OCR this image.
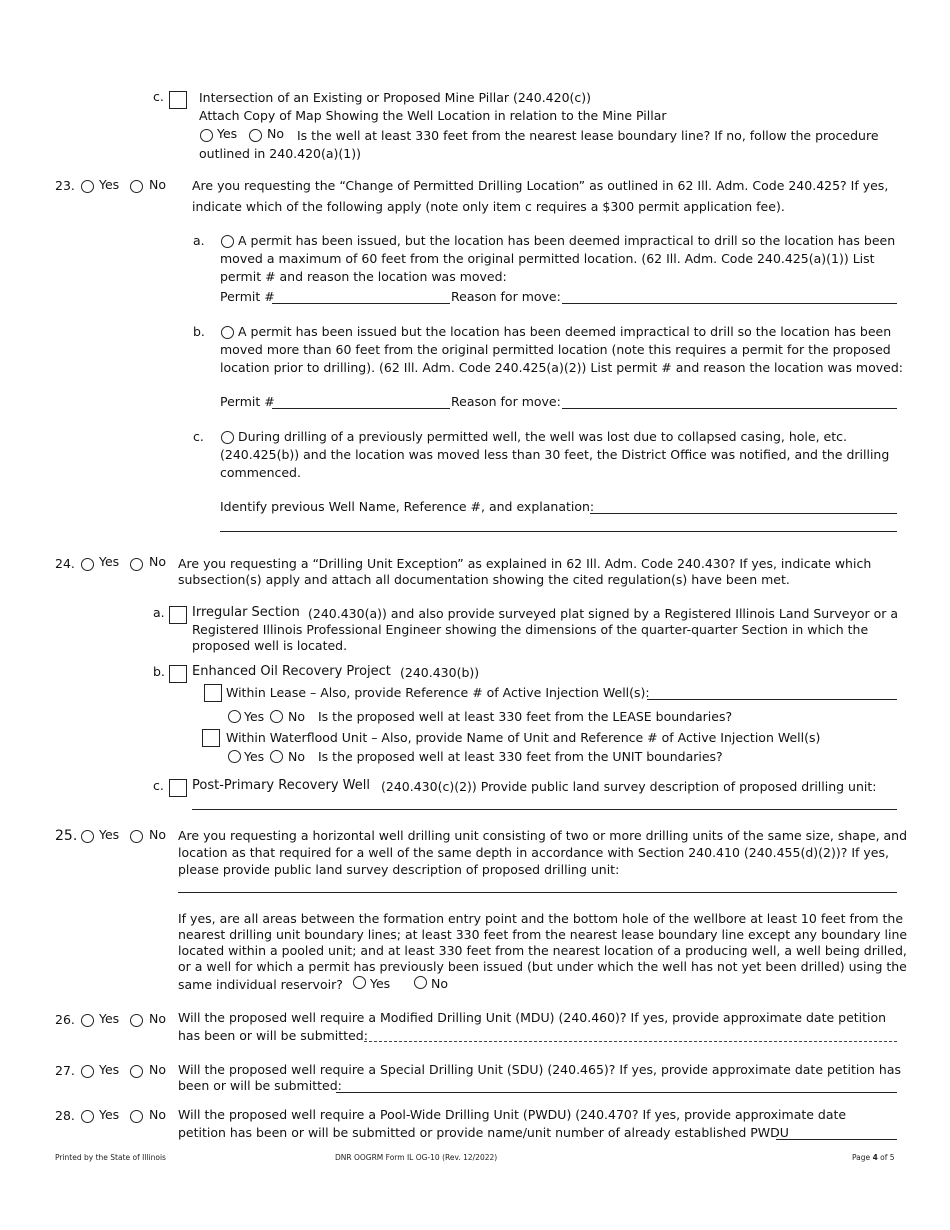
c.	Intersection of an Existing or Proposed Mine Pillar (240.420(c))
Attach Copy of Map Showing the Well Location in relation to the Mine Pillar
Yes No Is the well at least 330 feet from the nearest lease boundary line? If no, follow the procedure
outlined in 240.420(a)(1))
23. Yes No Are you requesting the “Change of Permitted Drilling Location” as outlined in 62 Ill. Adm. Code 240.425? If yes,
indicate which of the following apply (note only item c requires a $300 permit application fee).
a.	A permit has been issued, but the location has been deemed impractical to drill so the location has been
moved a maximum of 60 feet from the original permitted location. (62 Ill. Adm. Code 240.425(a)(1)) List
permit # and reason the location was moved:
Permit #	Reason for move:
b.	A permit has been issued but the location has been deemed impractical to drill so the location has been
moved more than 60 feet from the original permitted location (note this requires a permit for the proposed
location prior to drilling). (62 Ill. Adm. Code 240.425(a)(2)) List permit # and reason the location was moved:
Permit #	Reason for move:
c.	During drilling of a previously permitted well, the well was lost due to collapsed casing, hole, etc.
(240.425(b)) and the location was moved less than 30 feet, the District Office was notified, and the drilling
commenced.
Identify previous Well Name, Reference #, and explanation:
24. Yes No Are you requesting a “Drilling Unit Exception” as explained in 62 Ill. Adm. Code 240.430? If yes, indicate which
subsection(s) apply and attach all documentation showing the cited regulation(s) have been met.
a. Irregular Section (240.430(a)) and also provide surveyed plat signed by a Registered Illinois Land Surveyor or a
Registered Illinois Professional Engineer showing the dimensions of the quarter-quarter Section in which the
proposed well is located.
b. Enhanced Oil Recovery Project (240.430(b))
Within Lease – Also, provide Reference # of Active Injection Well(s):
Yes No Is the proposed well at least 330 feet from the LEASE boundaries?
Within Waterflood Unit – Also, provide Name of Unit and Reference # of Active Injection Well(s)
Yes No Is the proposed well at least 330 feet from the UNIT boundaries?
c. Post-Primary Recovery Well (240.430(c)(2)) Provide public land survey description of proposed drilling unit:
25. Yes No Are you requesting a horizontal well drilling unit consisting of two or more drilling units of the same size, shape, and
location as that required for a well of the same depth in accordance with Section 240.410 (240.455(d)(2))? If yes,
please provide public land survey description of proposed drilling unit:
If yes, are all areas between the formation entry point and the bottom hole of the wellbore at least 10 feet from the
nearest drilling unit boundary lines; at least 330 feet from the nearest lease boundary line except any boundary line
located within a pooled unit; and at least 330 feet from the nearest location of a producing well, a well being drilled,
or a well for which a permit has previously been issued (but under which the well has not yet been drilled) using the
same individual reservoir? Yes	No
26. Yes No Will the proposed well require a Modified Drilling Unit (MDU) (240.460)? If yes, provide approximate date petition
has been or will be submitted:
27. Yes No Will the proposed well require a Special Drilling Unit (SDU) (240.465)? If yes, provide approximate date petition has
been or will be submitted:
28. Yes No Will the proposed well require a Pool-Wide Drilling Unit (PWDU) (240.470? If yes, provide approximate date
petition has been or will be submitted or provide name/unit number of already established PWDU
Printed by the State of Illinois	DNR OOGRM Form IL OG-10 (Rev. 12/2022)	Page 4 of 5
